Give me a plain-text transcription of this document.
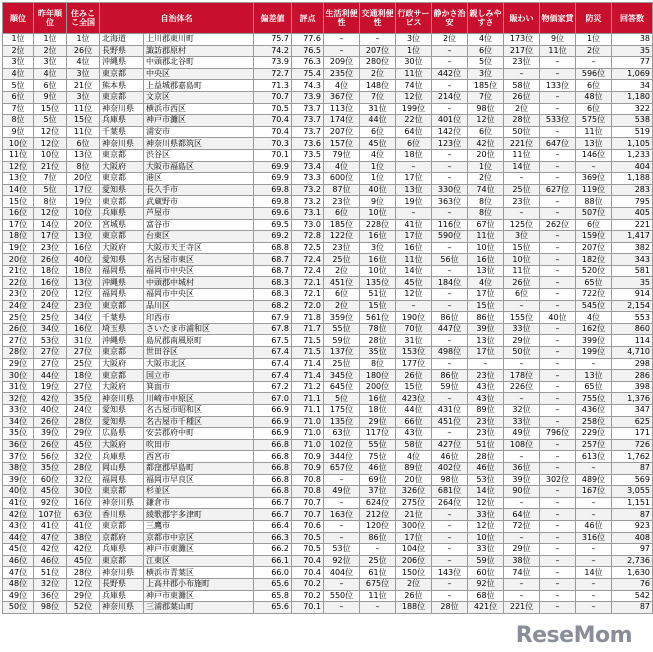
順位	昨年順位	住みここ全国	自治体名		偏差値	評点	生活利便性	交通利便性	行政サービス	静かさ治安	親しみやすさ	賑わい	物価家賃	防災	回答数
1位	1位	1位	北海道	上川郡東川町	75.7	77.6	–	–	3位	2位	4位	173位	9位	1位	38
2位	2位	26位	長野県	諏訪郡原村	74.2	76.5	–	207位	1位	–	6位	217位	11位	2位	35
3位	3位	4位	沖縄県	中頭郡北谷町	73.9	76.3	209位	280位	30位	–	5位	23位	–	–	77
4位	4位	3位	東京都	中央区	72.7	75.4	235位	2位	11位	442位	3位	–	–	596位	1,069
5位	6位	21位	熊本県	上益城郡嘉島町	71.3	74.3	4位	148位	74位	–	185位	58位	133位	6位	34
6位	9位	3位	東京都	文京区	70.7	73.9	367位	7位	12位	214位	7位	26位	–	48位	1,180
7位	15位	11位	神奈川県	横浜市西区	70.5	73.7	113位	31位	199位	–	98位	2位	–	6位	322
8位	5位	15位	兵庫県	神戸市灘区	70.4	73.7	174位	44位	22位	401位	12位	28位	533位	575位	538
9位	12位	11位	千葉県	浦安市	70.4	73.7	207位	6位	64位	142位	6位	50位	–	11位	519
10位	12位	6位	神奈川県	神奈川県都筑区	70.3	73.6	157位	45位	6位	123位	42位	221位	647位	13位	1,105
11位	10位	13位	東京都	渋谷区	70.1	73.5	79位	4位	18位	–	20位	11位	–	146位	1,233
12位	21位	8位	大阪府	大阪市福島区	69.9	73.4	4位	1位	–	–	1位	14位	–	–	404
13位	7位	20位	東京都	港区	69.9	73.3	600位	1位	17位	–	2位	–	–	369位	1,188
14位	5位	17位	愛知県	長久手市	69.8	73.2	87位	40位	13位	330位	74位	25位	627位	119位	283
15位	8位	19位	東京都	武蔵野市	69.8	73.2	23位	9位	19位	363位	8位	23位	–	88位	795
16位	12位	10位	兵庫県	芦屋市	69.6	73.1	6位	10位	–	–	8位	–	–	507位	405
17位	14位	20位	宮城県	富谷市	69.5	73.0	185位	228位	41位	116位	67位	125位	262位	6位	221
18位	17位	13位	東京都	台東区	69.2	72.8	122位	16位	17位	590位	11位	3位	–	159位	1,417
19位	23位	16位	大阪府	大阪市天王寺区	68.8	72.5	23位	3位	16位	–	10位	15位	–	207位	382
20位	26位	40位	愛知県	名古屋市東区	68.7	72.4	25位	16位	11位	56位	16位	10位	–	182位	343
21位	18位	18位	福岡県	福岡市中央区	68.7	72.4	2位	10位	14位	–	13位	11位	–	520位	581
22位	16位	13位	沖縄県	中頭郡中城村	68.3	72.1	451位	135位	45位	184位	4位	26位	–	65位	35
23位	20位	12位	福岡県	福岡市中央区	68.3	72.1	6位	51位	12位	–	17位	6位	–	722位	914
24位	24位	23位	東京都	品川区	68.2	72.0	2位	15位	–	–	15位	–	–	545位	2,154
25位	25位	34位	千葉県	印西市	67.9	71.8	359位	561位	190位	86位	86位	155位	40位	4位	553
26位	34位	16位	埼玉県	さいたま市浦和区	67.8	71.7	55位	78位	70位	447位	39位	33位	–	162位	860
27位	53位	31位	沖縄県	島尻郡南風原町	67.5	71.5	59位	28位	31位	–	13位	29位	–	399位	114
28位	27位	27位	東京都	世田谷区	67.4	71.5	137位	35位	153位	498位	17位	50位	–	199位	4,710
29位	27位	25位	大阪府	大阪市北区	67.4	71.4	25位	8位	177位	–	–	–	–	–	298
30位	44位	18位	東京都	国立市	67.4	71.4	345位	180位	26位	86位	23位	178位	–	13位	286
31位	19位	27位	大阪府	箕面市	67.2	71.2	645位	200位	15位	59位	43位	226位	–	65位	398
32位	42位	35位	神奈川県	川崎市中原区	67.0	71.1	5位	16位	423位	–	43位	–	–	755位	1,376
33位	40位	24位	愛知県	名古屋市昭和区	66.9	71.1	175位	18位	44位	431位	89位	32位	–	436位	347
34位	26位	28位	愛知県	名古屋市千種区	66.9	71.0	135位	29位	66位	451位	23位	33位	–	258位	625
35位	39位	29位	広島県	安芸郡府中町	66.9	71.0	63位	117位	43位	–	23位	49位	796位	229位	171
36位	26位	45位	大阪府	吹田市	66.8	71.0	102位	55位	58位	427位	51位	108位	–	257位	726
37位	56位	32位	兵庫県	西宮市	66.8	70.9	344位	75位	4位	46位	28位	–	–	613位	1,762
38位	35位	28位	岡山県	都窪郡早島町	66.8	70.9	657位	46位	89位	402位	46位	36位	–	–	87
39位	60位	32位	福岡県	福岡市早良区	66.8	70.8	–	69位	20位	98位	53位	39位	302位	489位	569
40位	45位	30位	東京都	杉並区	66.8	70.8	49位	37位	326位	681位	14位	90位	–	167位	3,055
41位	92位	16位	神奈川県	鎌倉市	66.7	70.7	–	624位	275位	264位	12位	–	–	–	1,151
42位	107位	63位	香川県	綾歌郡宇多津町	66.7	70.7	163位	212位	21位	–	33位	64位	–	–	87
43位	41位	41位	東京都	三鷹市	66.4	70.6	–	120位	300位	–	12位	72位	–	46位	923
44位	47位	38位	京都府	京都市中京区	66.3	70.5	–	86位	17位	–	10位	–	–	316位	408
45位	42位	42位	兵庫県	神戸市東灘区	66.2	70.5	53位	–	104位	–	33位	29位	–	–	97
46位	46位	45位	東京都	江東区	66.1	70.4	92位	25位	206位	–	59位	38位	–	–	2,736
47位	51位	28位	神奈川県	横浜市青葉区	66.0	70.4	404位	61位	150位	143位	60位	74位	–	14位	1,630
48位	32位	12位	長野県	上高井郡小布施町	65.6	70.2	–	675位	2位	–	92位	–	–	–	76
49位	36位	29位	兵庫県	神戸市東灘区	65.8	70.2	550位	11位	26位	–	68位	–	–	–	542
50位	98位	52位	神奈川県	三浦郡葉山町	65.6	70.1	–	–	188位	28位	421位	221位	–	–	87
ReseMom
